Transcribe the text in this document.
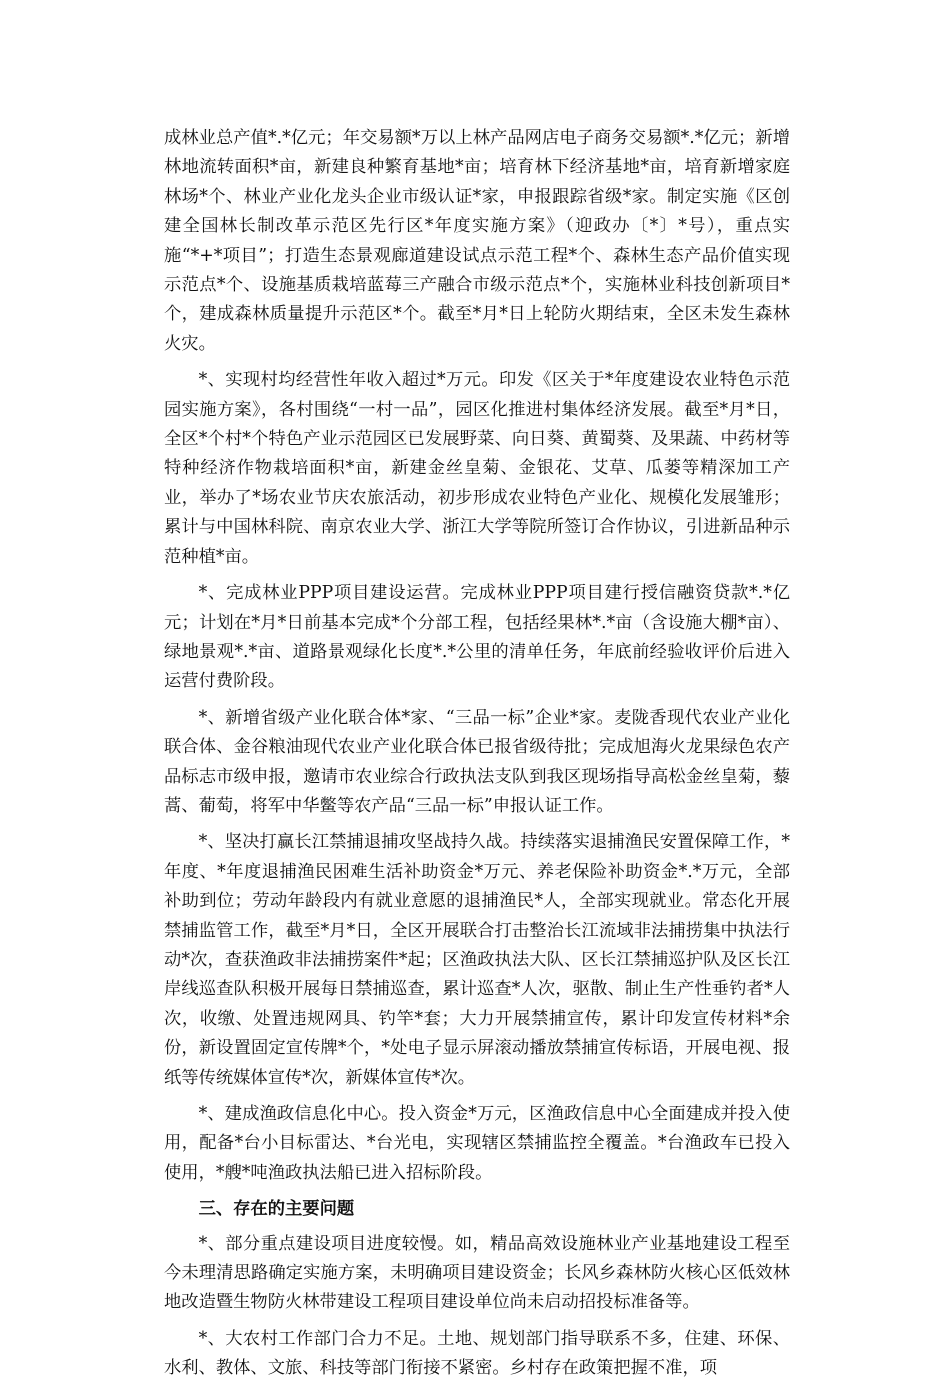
成林业总产值*.*亿元；年交易额*万以上林产品网店电子商务交易额*.*亿元；新增林地流转面积*亩，新建良种繁育基地*亩；培育林下经济基地*亩，培育新增家庭林场*个、林业产业化龙头企业市级认证*家，申报跟踪省级*家。制定实施《区创建全国林长制改革示范区先行区*年度实施方案》（迎政办〔*〕*号），重点实施“*+*项目”；打造生态景观廊道建设试点示范工程*个、森林生态产品价值实现示范点*个、设施基质栽培蓝莓三产融合市级示范点*个，实施林业科技创新项目*个，建成森林质量提升示范区*个。截至*月*日上轮防火期结束，全区未发生森林火灾。

*、实现村均经营性年收入超过*万元。印发《区关于*年度建设农业特色示范园实施方案》，各村围绕“一村一品”，园区化推进村集体经济发展。截至*月*日，全区*个村*个特色产业示范园区已发展野菜、向日葵、黄蜀葵、及果蔬、中药材等特种经济作物栽培面积*亩，新建金丝皇菊、金银花、艾草、瓜蒌等精深加工产业，举办了*场农业节庆农旅活动，初步形成农业特色产业化、规模化发展雏形；累计与中国林科院、南京农业大学、浙江大学等院所签订合作协议，引进新品种示范种植*亩。

*、完成林业PPP项目建设运营。完成林业PPP项目建行授信融资贷款*.*亿元；计划在*月*日前基本完成*个分部工程，包括经果林*.*亩（含设施大棚*亩）、绿地景观*.*亩、道路景观绿化长度*.*公里的清单任务，年底前经验收评价后进入运营付费阶段。

*、新增省级产业化联合体*家、“三品一标”企业*家。麦陇香现代农业产业化联合体、金谷粮油现代农业产业化联合体已报省级待批；完成旭海火龙果绿色农产品标志市级申报，邀请市农业综合行政执法支队到我区现场指导高松金丝皇菊，藜蒿、葡萄，将军中华鳖等农产品“三品一标”申报认证工作。

*、坚决打赢长江禁捕退捕攻坚战持久战。持续落实退捕渔民安置保障工作，*年度、*年度退捕渔民困难生活补助资金*万元、养老保险补助资金*.*万元，全部补助到位；劳动年龄段内有就业意愿的退捕渔民*人，全部实现就业。常态化开展禁捕监管工作，截至*月*日，全区开展联合打击整治长江流域非法捕捞集中执法行动*次，查获渔政非法捕捞案件*起；区渔政执法大队、区长江禁捕巡护队及区长江岸线巡查队积极开展每日禁捕巡查，累计巡查*人次，驱散、制止生产性垂钓者*人次，收缴、处置违规网具、钓竿*套；大力开展禁捕宣传，累计印发宣传材料*余份，新设置固定宣传牌*个，*处电子显示屏滚动播放禁捕宣传标语，开展电视、报纸等传统媒体宣传*次，新媒体宣传*次。

*、建成渔政信息化中心。投入资金*万元，区渔政信息中心全面建成并投入使用，配备*台小目标雷达、*台光电，实现辖区禁捕监控全覆盖。*台渔政车已投入使用，*艘*吨渔政执法船已进入招标阶段。

三、存在的主要问题

*、部分重点建设项目进度较慢。如，精品高效设施林业产业基地建设工程至今未理清思路确定实施方案，未明确项目建设资金；长风乡森林防火核心区低效林地改造暨生物防火林带建设工程项目建设单位尚未启动招投标准备等。

*、大农村工作部门合力不足。土地、规划部门指导联系不多，住建、环保、水利、教体、文旅、科技等部门衔接不紧密。乡村存在政策把握不准，项
